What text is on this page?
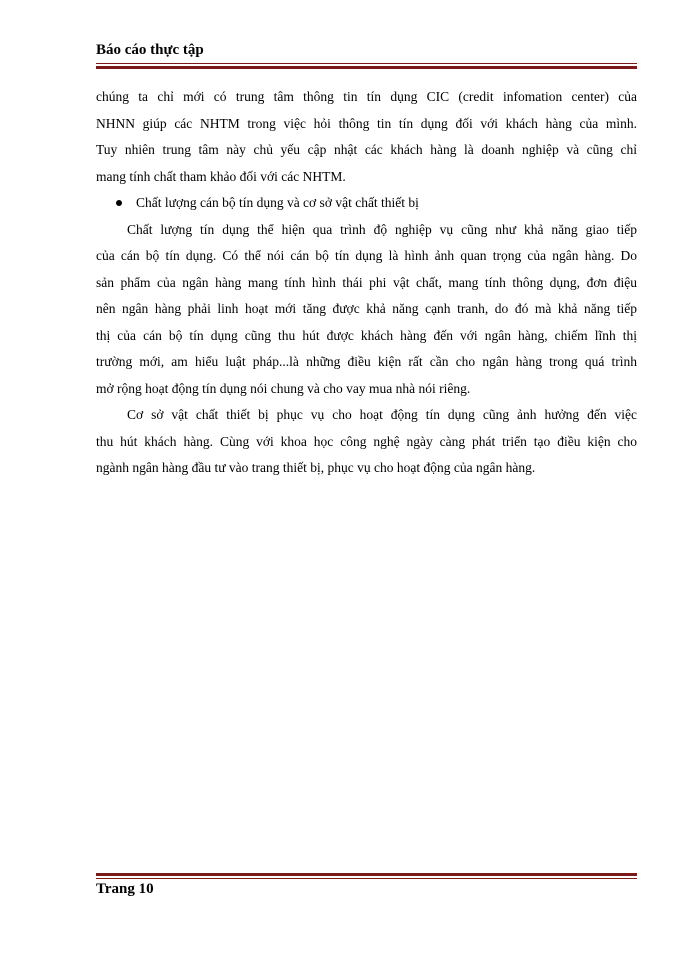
Báo cáo thực tập
chúng ta chỉ mới có trung tâm thông tin tín dụng CIC (credit infomation center) của
NHNN giúp các NHTM trong việc hỏi thông tin tín dụng đối với khách hàng của mình.
Tuy nhiên trung tâm này chủ yếu cập nhật các khách hàng là doanh nghiệp và cũng chỉ
mang tính chất tham khảo đối với các NHTM.
Chất lượng cán bộ tín dụng và cơ sở vật chất thiết bị
Chất lượng tín dụng thể hiện qua trình độ nghiệp vụ cũng như khả năng giao tiếp
của cán bộ tín dụng. Có thể nói cán bộ tín dụng là hình ảnh quan trọng của ngân hàng. Do
sản phẩm của ngân hàng mang tính hình thái phi vật chất, mang tính thông dụng, đơn điệu
nên ngân hàng phải linh hoạt mới tăng được khả năng cạnh tranh, do đó mà khả năng tiếp
thị của cán bộ tín dụng cũng thu hút được khách hàng đến với ngân hàng, chiếm lĩnh thị
trường mới, am hiểu luật pháp...là những điều kiện rất cần cho ngân hàng trong quá trình
mở rộng hoạt động tín dụng nói chung và cho vay mua nhà nói riêng.
Cơ sở vật chất thiết bị phục vụ cho hoạt động tín dụng cũng ảnh hưởng đến việc
thu hút khách hàng. Cùng với khoa học công nghệ ngày càng phát triển tạo điều kiện cho
ngành ngân hàng đầu tư vào trang thiết bị, phục vụ cho hoạt động của ngân hàng.
Trang 10
